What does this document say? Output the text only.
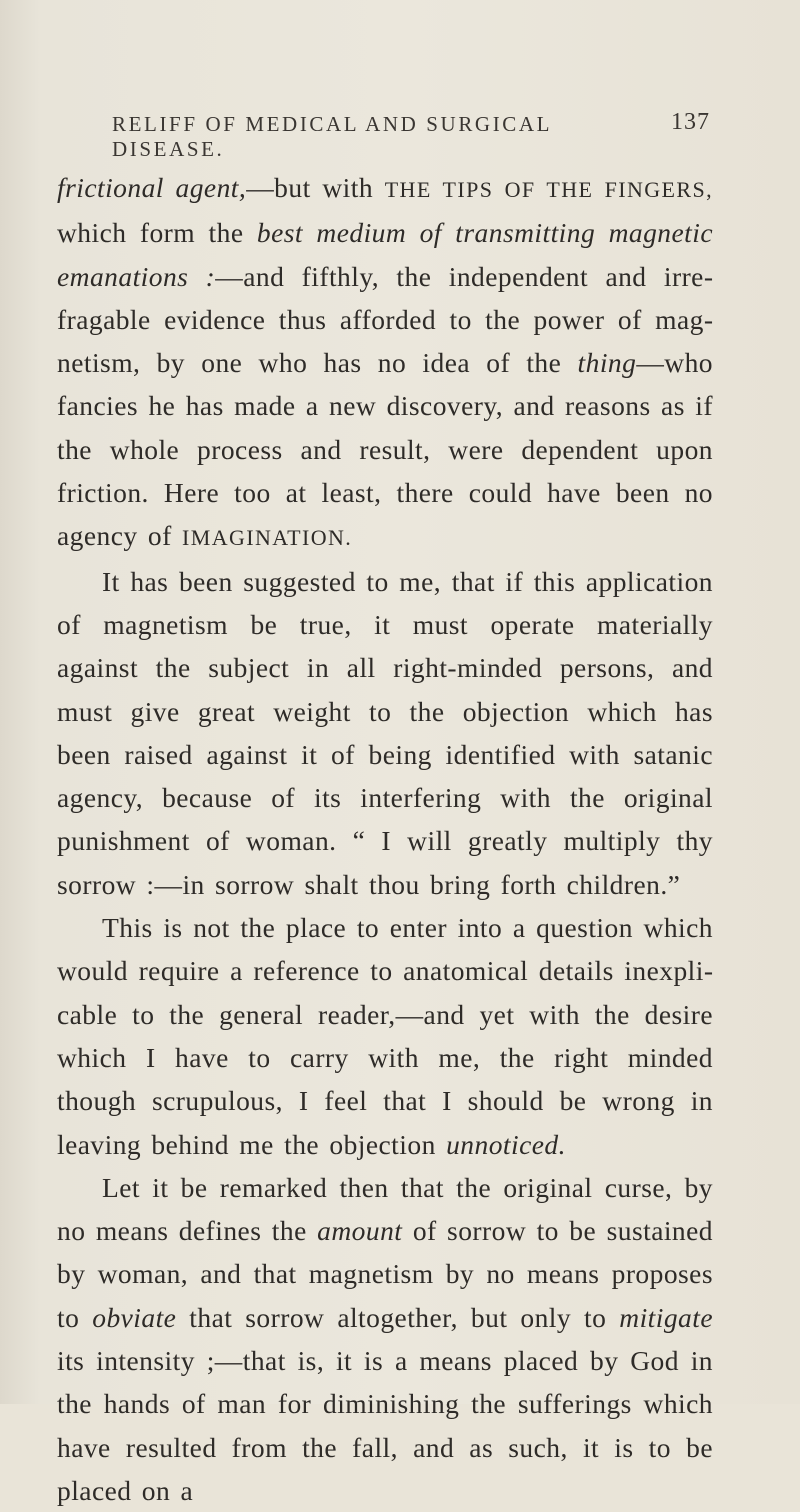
RELIFF OF MEDICAL AND SURGICAL DISEASE.
137

frictional agent,—but with THE TIPS OF THE FINGERS, which form the best medium of transmitting magnetic emanations :—and fifthly, the independent and irrefragable evidence thus afforded to the power of magnetism, by one who has no idea of the thing—who fancies he has made a new discovery, and reasons as if the whole process and result, were dependent upon friction. Here too at least, there could have been no agency of IMAGINATION.

It has been suggested to me, that if this application of magnetism be true, it must operate materially against the subject in all right-minded persons, and must give great weight to the objection which has been raised against it of being identified with satanic agency, because of its interfering with the original punishment of woman. “ I will greatly multiply thy sorrow :—in sorrow shalt thou bring forth children.”

This is not the place to enter into a question which would require a reference to anatomical details inexplicable to the general reader,—and yet with the desire which I have to carry with me, the right minded though scrupulous, I feel that I should be wrong in leaving behind me the objection unnoticed.

Let it be remarked then that the original curse, by no means defines the amount of sorrow to be sustained by woman, and that magnetism by no means proposes to obviate that sorrow altogether, but only to mitigate its intensity ;—that is, it is a means placed by God in the hands of man for diminishing the sufferings which have resulted from the fall, and as such, it is to be placed on a
